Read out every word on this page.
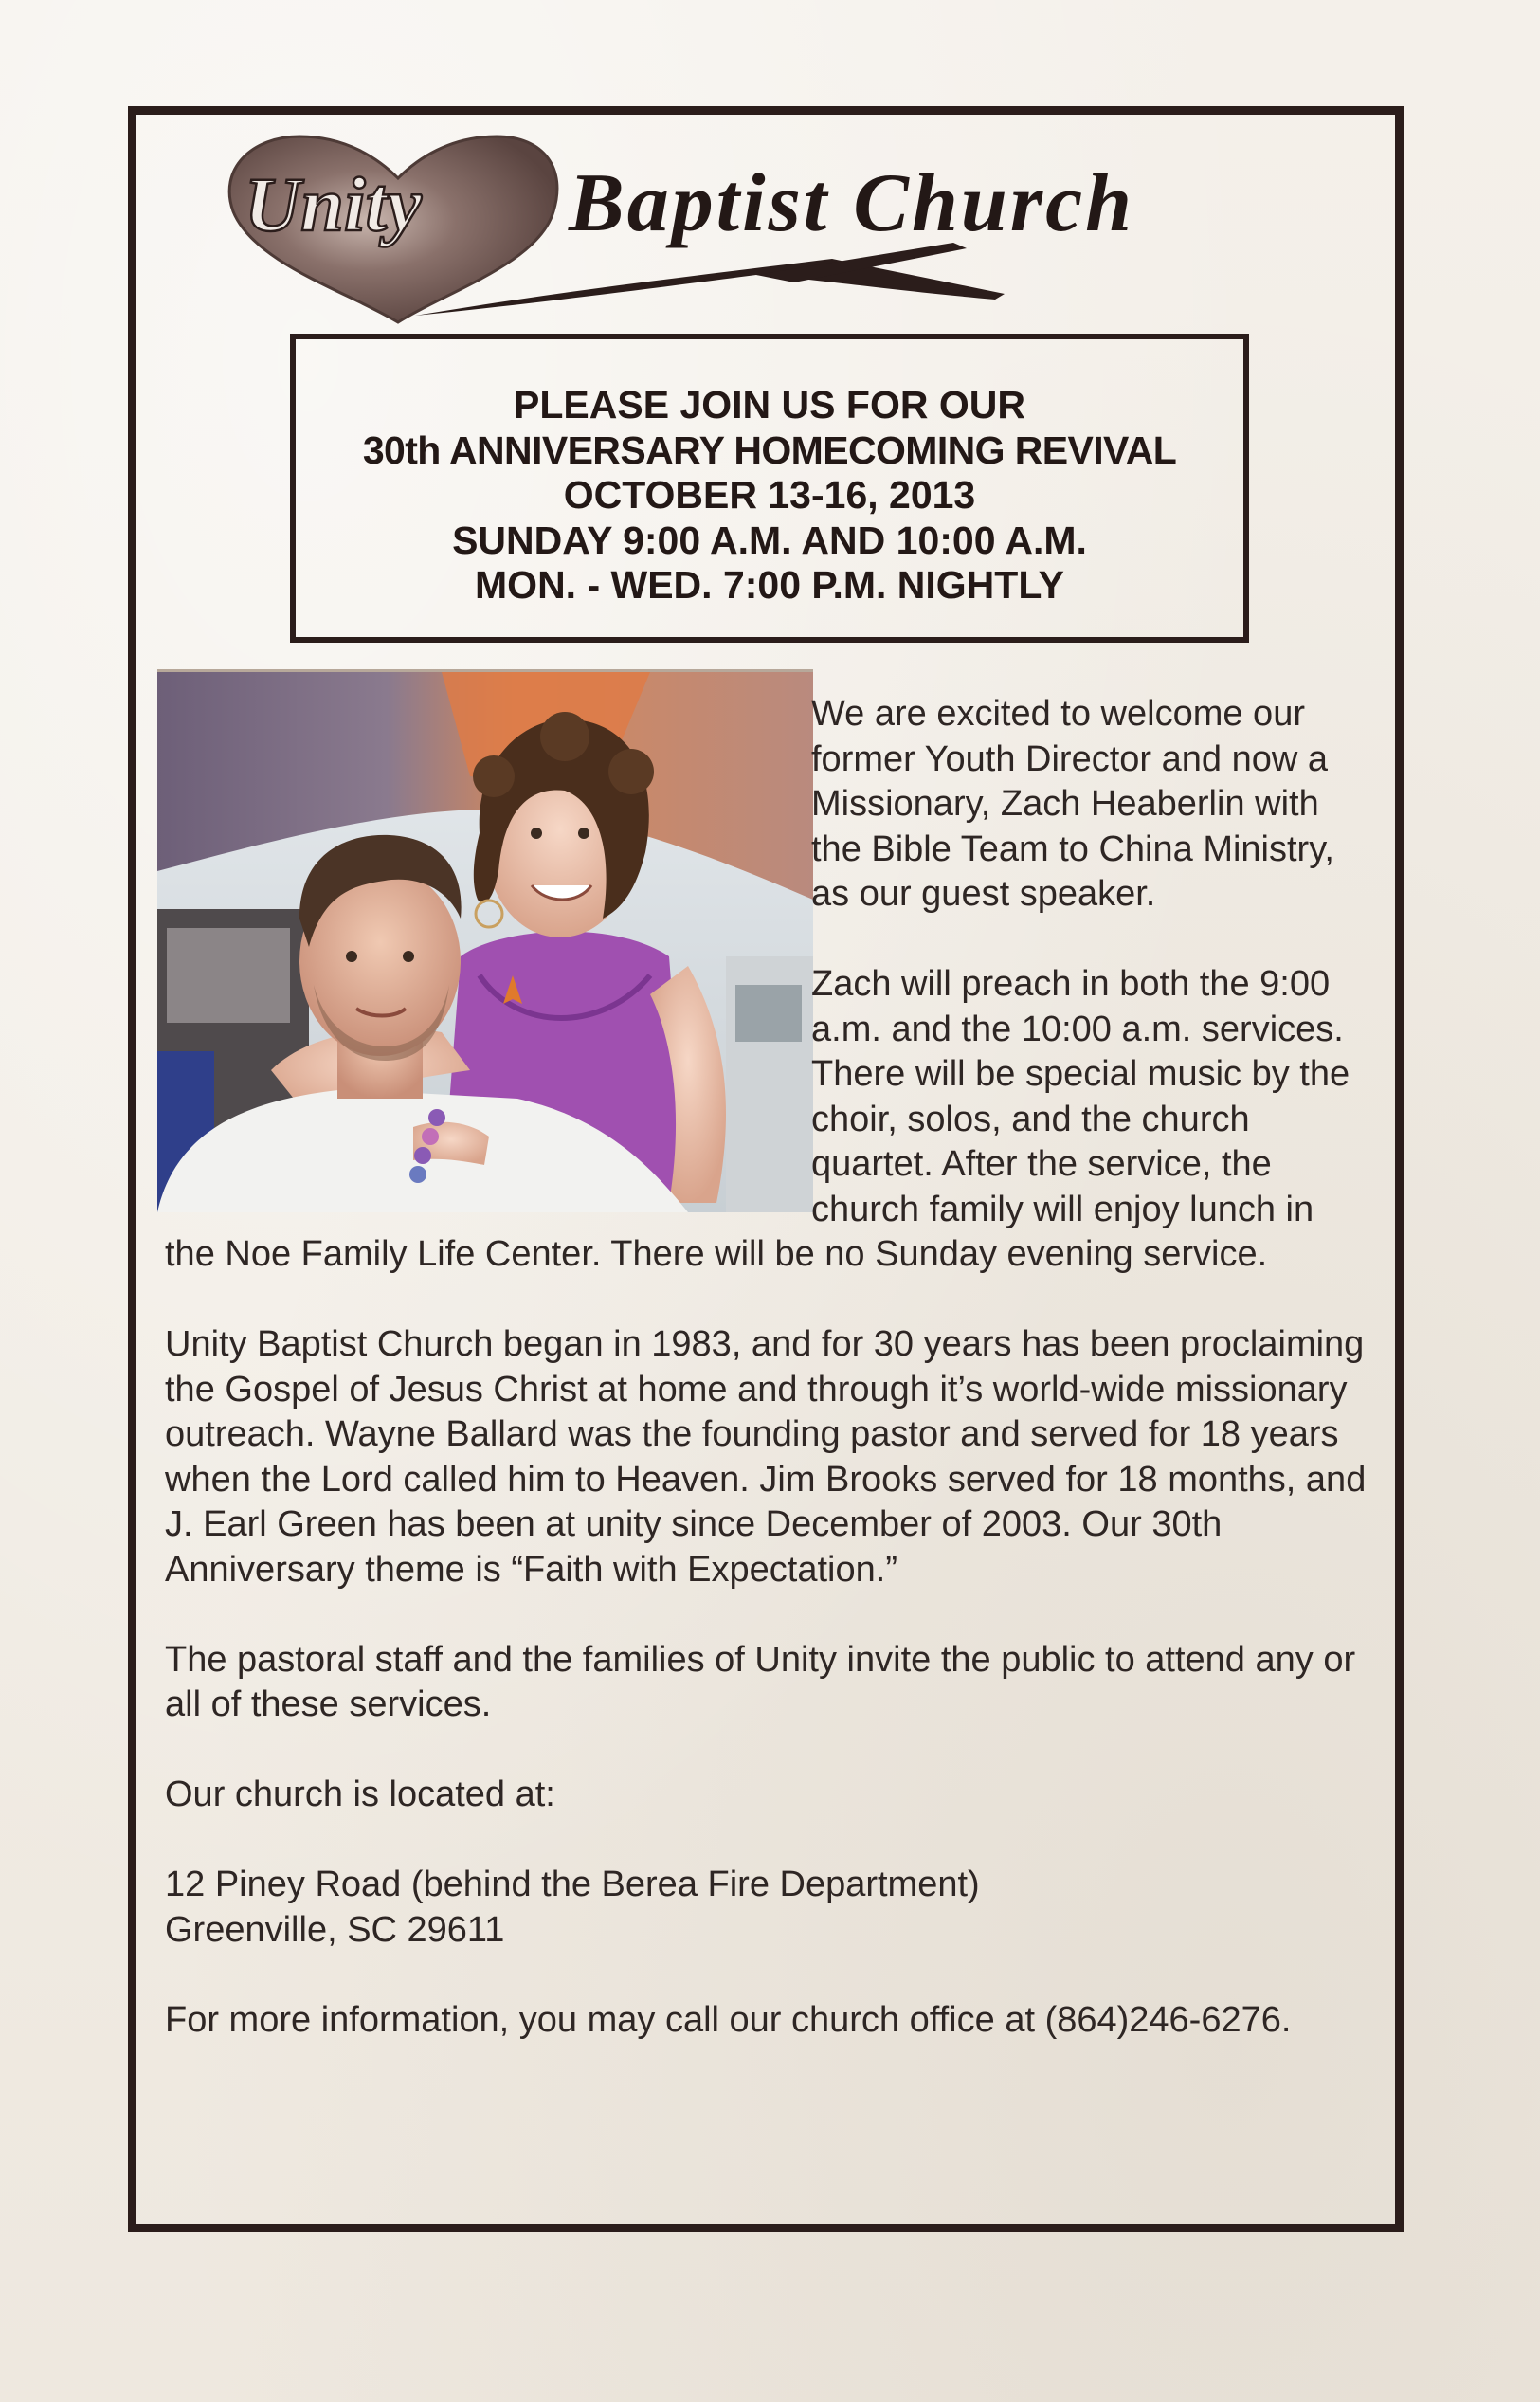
Unity Baptist Church
PLEASE JOIN US FOR OUR
30th ANNIVERSARY HOMECOMING REVIVAL
OCTOBER 13-16, 2013
SUNDAY 9:00 A.M. AND 10:00 A.M.
MON. - WED. 7:00 P.M. NIGHTLY

We are excited to welcome our former Youth Director and now a Missionary, Zach Heaberlin with the Bible Team to China Ministry, as our guest speaker.

Zach will preach in both the 9:00 a.m. and the 10:00 a.m. services. There will be special music by the choir, solos, and the church quartet. After the service, the church family will enjoy lunch in the Noe Family Life Center. There will be no Sunday evening service.

Unity Baptist Church began in 1983, and for 30 years has been proclaiming the Gospel of Jesus Christ at home and through it’s world-wide missionary outreach. Wayne Ballard was the founding pastor and served for 18 years when the Lord called him to Heaven. Jim Brooks served for 18 months, and J. Earl Green has been at unity since December of 2003. Our 30th Anniversary theme is “Faith with Expectation.”

The pastoral staff and the families of Unity invite the public to attend any or all of these services.

Our church is located at:

12 Piney Road (behind the Berea Fire Department)

Greenville, SC 29611

For more information, you may call our church office at (864)246-6276.
